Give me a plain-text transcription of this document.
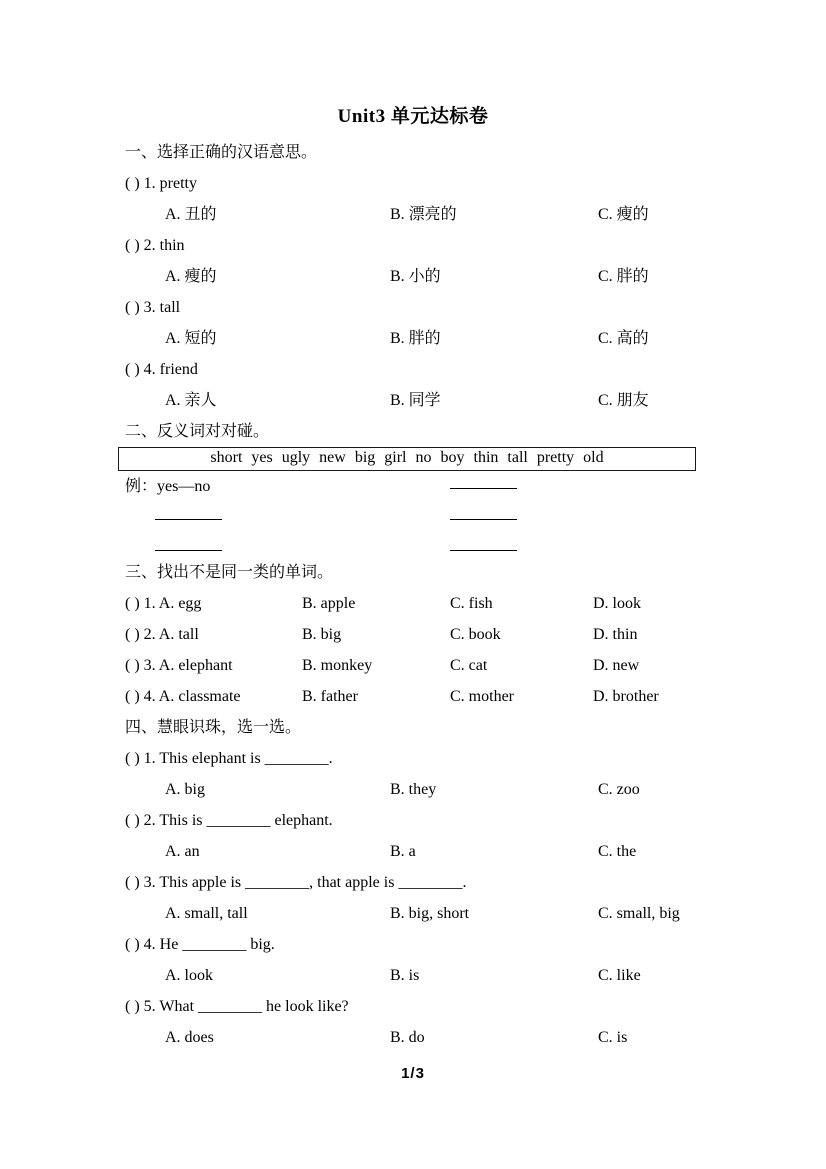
Unit3 单元达标卷
一、选择正确的汉语意思。
( ) 1. pretty
A. 丑的	B. 漂亮的	C. 瘦的
( ) 2. thin
A. 瘦的	B. 小的	C. 胖的
( ) 3. tall
A. 短的	B. 胖的	C. 高的
( ) 4. friend
A. 亲人	B. 同学	C. 朋友
二、反义词对对碰。
short yes ugly new big girl no boy thin tall pretty old
例：yes—no
三、找出不是同一类的单词。
( ) 1. A. egg	B. apple	C. fish	D. look
( ) 2. A. tall	B. big	C. book	D. thin
( ) 3. A. elephant	B. monkey	C. cat	D. new
( ) 4. A. classmate	B. father	C. mother	D. brother
四、慧眼识珠，选一选。
( ) 1. This elephant is ________.
A. big	B. they	C. zoo
( ) 2. This is ________ elephant.
A. an	B. a	C. the
( ) 3. This apple is ________, that apple is ________.
A. small, tall	B. big, short	C. small, big
( ) 4. He ________ big.
A. look	B. is	C. like
( ) 5. What ________ he look like?
A. does	B. do	C. is
1/3
